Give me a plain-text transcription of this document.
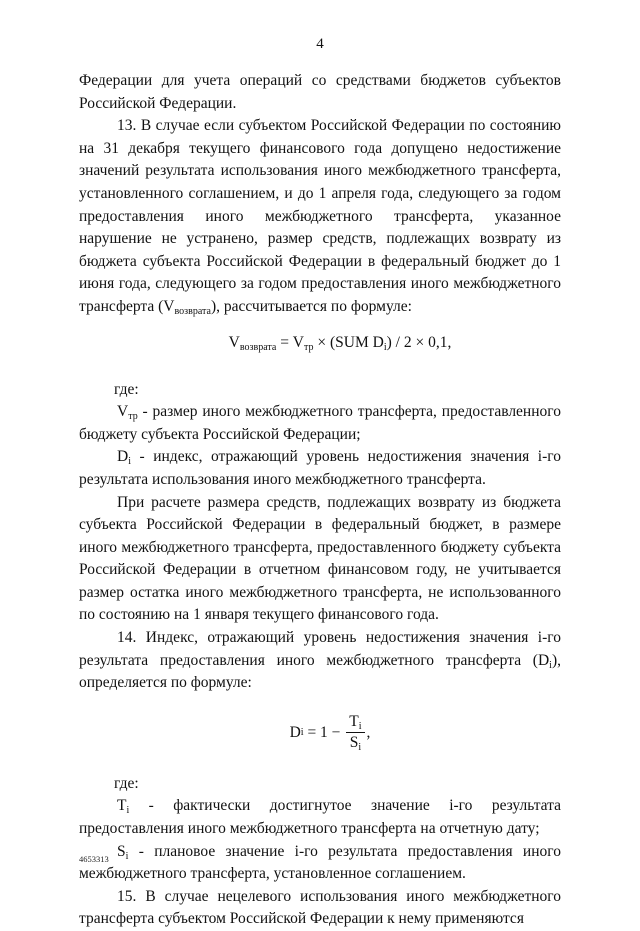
4

Федерации для учета операций со средствами бюджетов субъектов Российской Федерации.

13. В случае если субъектом Российской Федерации по состоянию на 31 декабря текущего финансового года допущено недостижение значений результата использования иного межбюджетного трансферта, установленного соглашением, и до 1 апреля года, следующего за годом предоставления иного межбюджетного трансферта, указанное нарушение не устранено, размер средств, подлежащих возврату из бюджета субъекта Российской Федерации в федеральный бюджет до 1 июня года, следующего за годом предоставления иного межбюджетного трансферта $(V_{возврата})$, рассчитывается по формуле:

$V_{возврата} = V_{тр} \times (SUM$ $D_i) / 2 \times 0,1$,
где:

$V_{тр}$ - размер иного межбюджетного трансферта, предоставленного бюджету субъекта Российской Федерации;

$D_i$ - индекс, отражающий уровень недостижения значения i-го результата использования иного межбюджетного трансферта.

При расчете размера средств, подлежащих возврату из бюджета субъекта Российской Федерации в федеральный бюджет, в размере иного межбюджетного трансферта, предоставленного бюджету субъекта Российской Федерации в отчетном финансовом году, не учитывается размер остатка иного межбюджетного трансферта, не использованного по состоянию на 1 января текущего финансового года.

14. Индекс, отражающий уровень недостижения значения i-го результата предоставления иного межбюджетного трансферта $(D_i)$, определяется по формуле:

D $i = 1 - \frac{T_i}{S_i}$ ,
где:

$T_i$ - фактически достигнутое значение i-го результата предоставления иного межбюджетного трансферта на отчетную дату;

$S_i$ - плановое значение i-го результата предоставления иного межбюджетного трансферта, установленное соглашением.

15. В случае нецелевого использования иного межбюджетного трансферта субъектом Российской Федерации к нему применяются

4653313
